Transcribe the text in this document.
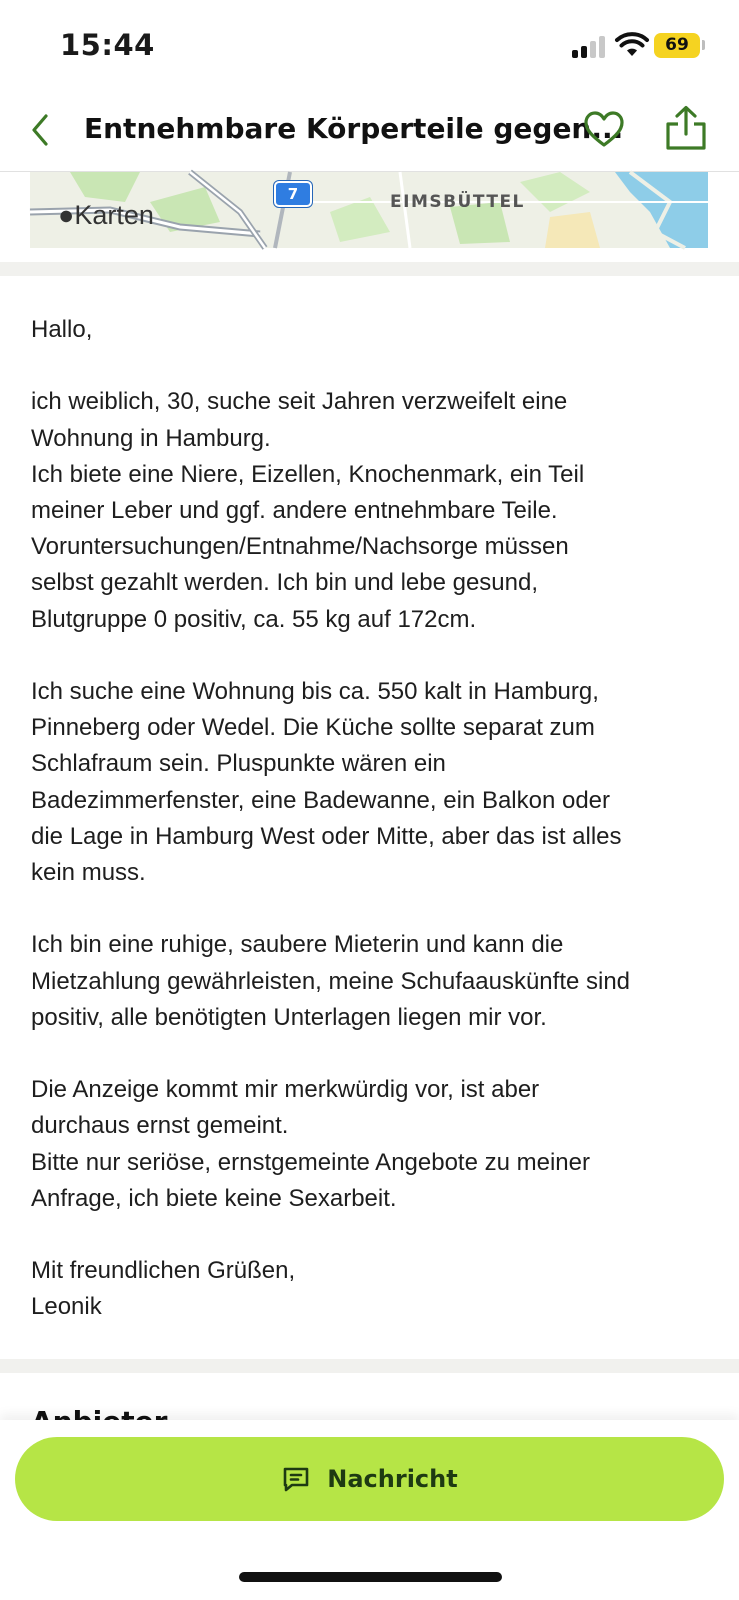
15:44	69
Entnehmbare Körperteile gegen...
●Karten
7	EIMSBÜTTEL

Hallo,

ich weiblich, 30, suche seit Jahren verzweifelt eine
Wohnung in Hamburg.
Ich biete eine Niere, Eizellen, Knochenmark, ein Teil
meiner Leber und ggf. andere entnehmbare Teile.
Voruntersuchungen/Entnahme/Nachsorge müssen
selbst gezahlt werden. Ich bin und lebe gesund,
Blutgruppe 0 positiv, ca. 55 kg auf 172cm.

Ich suche eine Wohnung bis ca. 550 kalt in Hamburg,
Pinneberg oder Wedel. Die Küche sollte separat zum
Schlafraum sein. Pluspunkte wären ein
Badezimmerfenster, eine Badewanne, ein Balkon oder
die Lage in Hamburg West oder Mitte, aber das ist alles
kein muss.

Ich bin eine ruhige, saubere Mieterin und kann die
Mietzahlung gewährleisten, meine Schufaauskünfte sind
positiv, alle benötigten Unterlagen liegen mir vor.

Die Anzeige kommt mir merkwürdig vor, ist aber
durchaus ernst gemeint.
Bitte nur seriöse, ernstgemeinte Angebote zu meiner
Anfrage, ich biete keine Sexarbeit.

Mit freundlichen Grüßen,

Leonik

Nachricht
